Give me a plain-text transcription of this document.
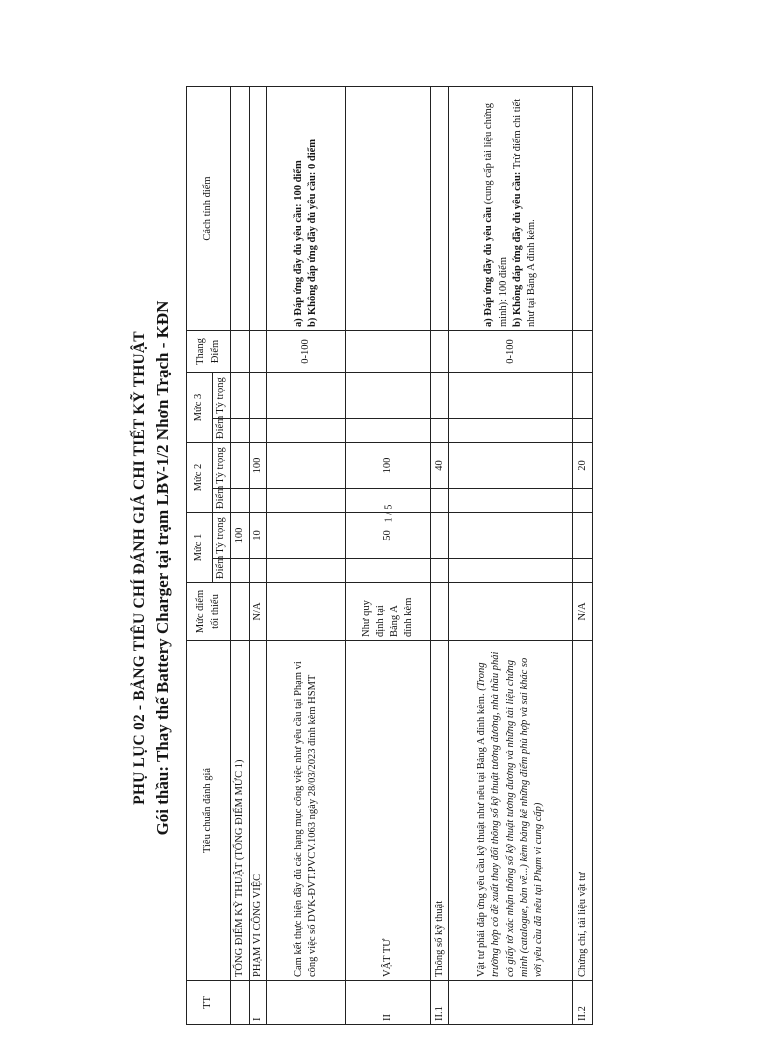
PHỤ LỤC 02 - BẢNG TIÊU CHÍ ĐÁNH GIÁ CHI TIẾT KỸ THUẬT Gói thầu: Thay thế Battery Charger tại trạm LBV-1/2 Nhơn Trạch - KĐN
TT	Tiêu chuẩn đánh giá	Mức điểm tối thiểu	Mức 1		Mức 2		Mức 3		Thang Điểm	Cách tính điểm
			Điểm	Tỷ trọng	Điểm	Tỷ trọng	Điểm	Tỷ trọng		
	TỔNG ĐIỂM KỸ THUẬT (TỔNG ĐIỂM MỨC 1)			100						
I	PHẠM VI CÔNG VIỆC	N/A		10		100				
	Cam kết thực hiện đầy đủ các hạng mục công việc như yêu cầu tại Phạm vi công việc số DVK-ĐVT.PVCV.1063 ngày 28/03/2023 đính kèm HSMT								0-100	a) Đáp ứng đầy đủ yêu cầu: 100 điểm b) Không đáp ứng đầy đủ yêu cầu: 0 điểm

II	VẬT TƯ	Như quy định tại Bảng A đính kèm		50		100				
II.1	Thông số kỹ thuật					40				
	Vật tư phải đáp ứng yêu cầu kỹ thuật như nêu tại Bảng A đính kèm. (Trong trường hợp có đề xuất thay đổi thông số kỹ thuật tương đương, nhà thầu phải có giấy tờ xác nhận thông số kỹ thuật tương đương và những tài liệu chứng minh (catalogue, bản vẽ...) kèm bảng kê những điểm phù hợp và sai khác so với yêu cầu đã nêu tại Phạm vi cung cấp)								0-100	a) Đáp ứng đầy đủ yêu cầu (cung cấp tài liệu chứng minh): 100 điểm b) Không đáp ứng đầy đủ yêu cầu: Trừ điểm chi tiết như tại Bảng A đính kèm.

II.2	Chứng chỉ, tài liệu vật tư	N/A				20				
1 / 5
